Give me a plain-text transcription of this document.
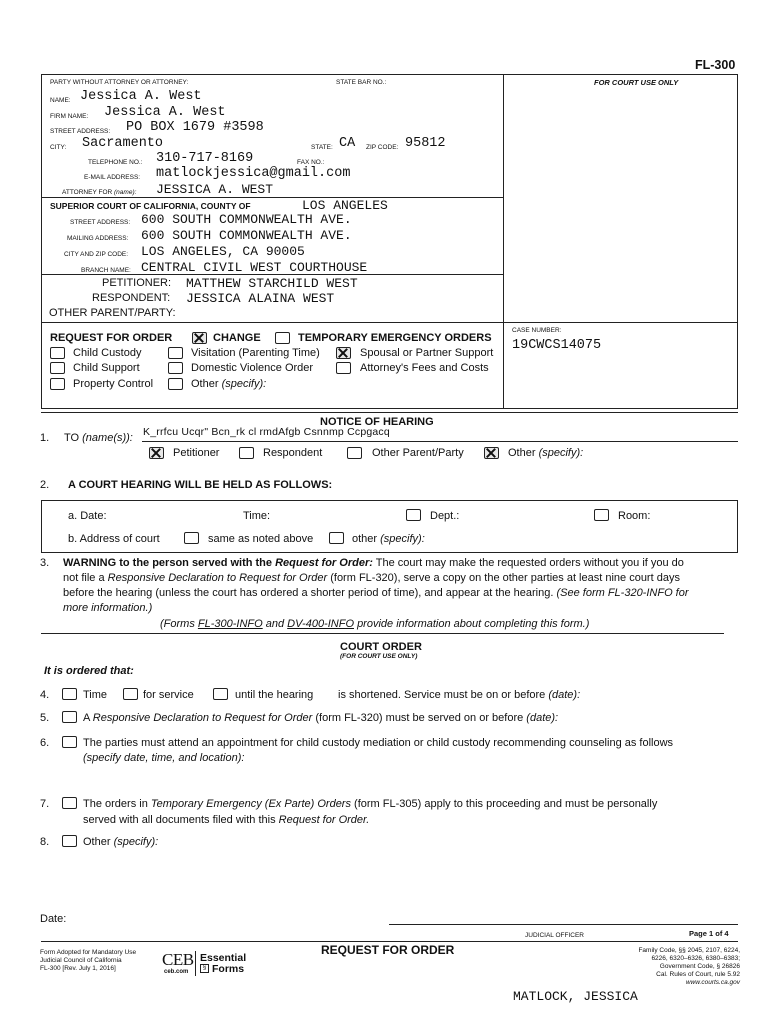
FL-300
PARTY WITHOUT ATTORNEY OR ATTORNEY:	STATE BAR NO.:	FOR COURT USE ONLY
NAME: Jessica A. West
FIRM NAME: Jessica A. West
STREET ADDRESS: PO BOX 1679 #3598
CITY: Sacramento	STATE: CA ZIP CODE: 95812
TELEPHONE NO.: 310-717-8169	FAX NO.:
E-MAIL ADDRESS: matlockjessica@gmail.com
ATTORNEY FOR (name): JESSICA A. WEST
SUPERIOR COURT OF CALIFORNIA, COUNTY OF	LOS ANGELES
STREET ADDRESS: 600 SOUTH COMMONWEALTH AVE.
MAILING ADDRESS: 600 SOUTH COMMONWEALTH AVE.
CITY AND ZIP CODE: LOS ANGELES, CA 90005
BRANCH NAME: CENTRAL CIVIL WEST COURTHOUSE
PETITIONER: MATTHEW STARCHILD WEST
RESPONDENT: JESSICA ALAINA WEST
OTHER PARENT/PARTY:
REQUEST FOR ORDER	CHANGE	TEMPORARY EMERGENCY ORDERS
Child Custody	Visitation (Parenting Time)	Spousal or Partner Support
Child Support	Domestic Violence Order	Attorney's Fees and Costs
Property Control	Other (specify):
CASE NUMBER:
19CWCS14075
NOTICE OF HEARING
1. TO (name(s)): K_rrfcu Ucqr" Bcn_rk cl rmdAfgb Csnnmp Ccpgacq
Petitioner	Respondent	Other Parent/Party	Other (specify):
2. A COURT HEARING WILL BE HELD AS FOLLOWS:
a. Date:	Time:	Dept.:	Room:
b. Address of court	same as noted above	other (specify):
3. WARNING to the person served with the Request for Order: The court may make the requested orders without you if you do
not file a Responsive Declaration to Request for Order (form FL-320), serve a copy on the other parties at least nine court days
before the hearing (unless the court has ordered a shorter period of time), and appear at the hearing. (See form FL-320-INFO for
more information.)
(Forms FL-300-INFO and DV-400-INFO provide information about completing this form.)
COURT ORDER
(FOR COURT USE ONLY)
It is ordered that:
4.	Time	for service	until the hearing is shortened. Service must be on or before (date):
5.	A Responsive Declaration to Request for Order (form FL-320) must be served on or before (date):
6.	The parties must attend an appointment for child custody mediation or child custody recommending counseling as follows
(specify date, time, and location):
7.	The orders in Temporary Emergency (Ex Parte) Orders (form FL-305) apply to this proceeding and must be personally
served with all documents filed with this Request for Order.
8.	Other (specify):
Date:
JUDICIAL OFFICER	Page 1 of 4
Form Adopted for Mandatory Use
Judicial Council of California
FL-300 [Rev. July 1, 2016]	CEB
ceb.com
Essential
§ Forms
REQUEST FOR ORDER	Family Code, §§ 2045, 2107, 6224,
6226, 6320–6326, 6380–6383;
Government Code, § 26826
Cal. Rules of Court, rule 5.92
www.courts.ca.gov
MATLOCK, JESSICA
